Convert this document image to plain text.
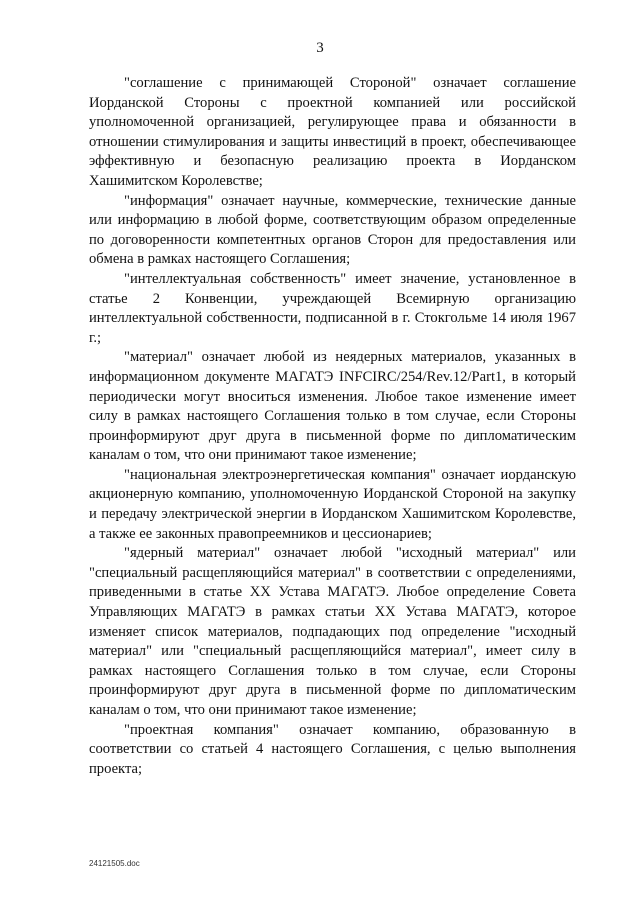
3

"соглашение с принимающей Стороной" означает соглашение Иорданской Стороны с проектной компанией или российской уполномоченной организацией, регулирующее права и обязанности в отношении стимулирования и защиты инвестиций в проект, обеспечивающее эффективную и безопасную реализацию проекта в Иорданском Хашимитском Королевстве;

"информация" означает научные, коммерческие, технические данные или информацию в любой форме, соответствующим образом определенные по договоренности компетентных органов Сторон для предоставления или обмена в рамках настоящего Соглашения;

"интеллектуальная собственность" имеет значение, установленное в статье 2 Конвенции, учреждающей Всемирную организацию интеллектуальной собственности, подписанной в г. Стокгольме 14 июля 1967 г.;

"материал" означает любой из неядерных материалов, указанных в информационном документе МАГАТЭ INFCIRC/254/Rev.12/Part1, в который периодически могут вноситься изменения. Любое такое изменение имеет силу в рамках настоящего Соглашения только в том случае, если Стороны проинформируют друг друга в письменной форме по дипломатическим каналам о том, что они принимают такое изменение;

"национальная электроэнергетическая компания" означает иорданскую акционерную компанию, уполномоченную Иорданской Стороной на закупку и передачу электрической энергии в Иорданском Хашимитском Королевстве, а также ее законных правопреемников и цессионариев;

"ядерный материал" означает любой "исходный материал" или "специальный расщепляющийся материал" в соответствии с определениями, приведенными в статье XX Устава МАГАТЭ. Любое определение Совета Управляющих МАГАТЭ в рамках статьи XX Устава МАГАТЭ, которое изменяет список материалов, подпадающих под определение "исходный материал" или "специальный расщепляющийся материал", имеет силу в рамках настоящего Соглашения только в том случае, если Стороны проинформируют друг друга в письменной форме по дипломатическим каналам о том, что они принимают такое изменение;

"проектная компания" означает компанию, образованную в соответствии со статьей 4 настоящего Соглашения, с целью выполнения проекта;

24121505.doc
